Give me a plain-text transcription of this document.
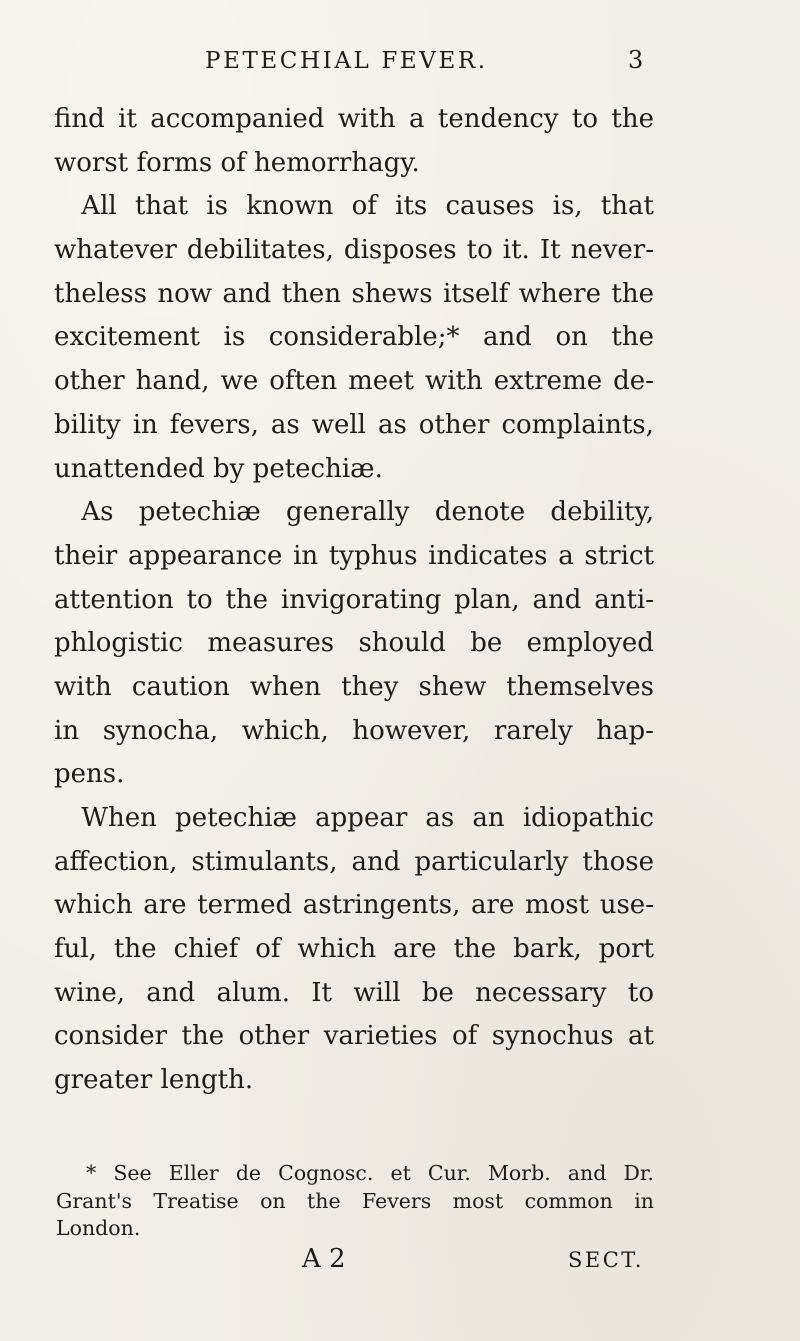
PETECHIAL FEVER.	3
find it accompanied with a tendency to the
worst forms of hemorrhagy.
All that is known of its causes is, that
whatever debilitates, disposes to it. It never-
theless now and then shews itself where the
excitement is considerable;* and on the
other hand, we often meet with extreme de-
bility in fevers, as well as other complaints,
unattended by petechiæ.
As petechiæ generally denote debility,
their appearance in typhus indicates a strict
attention to the invigorating plan, and anti-
phlogistic measures should be employed
with caution when they shew themselves
in synocha, which, however, rarely hap-
pens.
When petechiæ appear as an idiopathic
affection, stimulants, and particularly those
which are termed astringents, are most use-
ful, the chief of which are the bark, port
wine, and alum. It will be necessary to
consider the other varieties of synochus at
greater length.
* See Eller de Cognosc. et Cur. Morb. and Dr.
Grant's Treatise on the Fevers most common in
London.
A 2	SECT.
